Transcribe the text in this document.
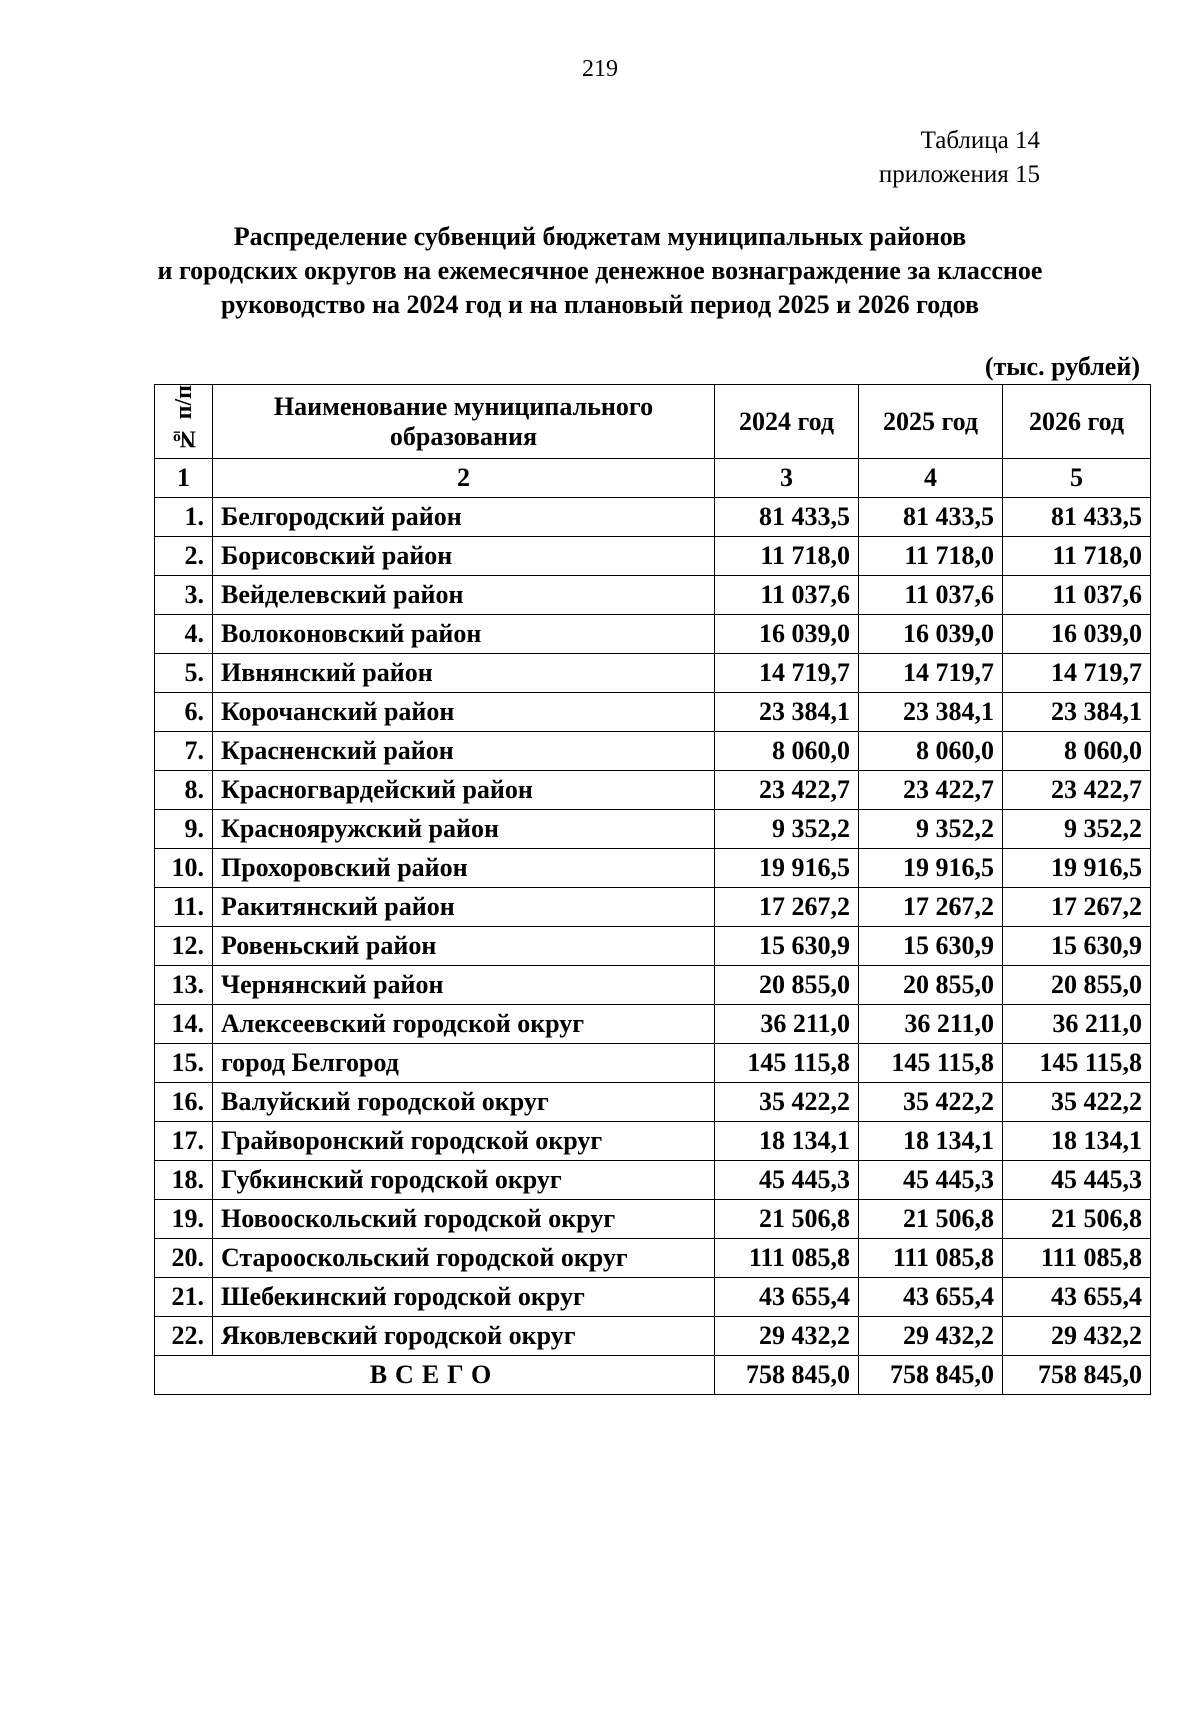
219
Таблица 14
приложения 15
Распределение субвенций бюджетам муниципальных районов
и городских округов на ежемесячное денежное вознаграждение за классное
руководство на 2024 год и на плановый период 2025 и 2026 годов
(тыс. рублей)
№ п/п	Наименование муниципального образования	2024 год	2025 год	2026 год
1	2	3	4	5
1.	Белгородский район	81 433,5	81 433,5	81 433,5
2.	Борисовский район	11 718,0	11 718,0	11 718,0
3.	Вейделевский район	11 037,6	11 037,6	11 037,6
4.	Волоконовский район	16 039,0	16 039,0	16 039,0
5.	Ивнянский район	14 719,7	14 719,7	14 719,7
6.	Корочанский район	23 384,1	23 384,1	23 384,1
7.	Красненский район	8 060,0	8 060,0	8 060,0
8.	Красногвардейский район	23 422,7	23 422,7	23 422,7
9.	Краснояружский район	9 352,2	9 352,2	9 352,2
10.	Прохоровский район	19 916,5	19 916,5	19 916,5
11.	Ракитянский район	17 267,2	17 267,2	17 267,2
12.	Ровеньский район	15 630,9	15 630,9	15 630,9
13.	Чернянский район	20 855,0	20 855,0	20 855,0
14.	Алексеевский городской округ	36 211,0	36 211,0	36 211,0
15.	город Белгород	145 115,8	145 115,8	145 115,8
16.	Валуйский городской округ	35 422,2	35 422,2	35 422,2
17.	Грайворонский городской округ	18 134,1	18 134,1	18 134,1
18.	Губкинский городской округ	45 445,3	45 445,3	45 445,3
19.	Новооскольский городской округ	21 506,8	21 506,8	21 506,8
20.	Старооскольский городской округ	111 085,8	111 085,8	111 085,8
21.	Шебекинский городской округ	43 655,4	43 655,4	43 655,4
22.	Яковлевский городской округ	29 432,2	29 432,2	29 432,2
ВСЕГО		758 845,0	758 845,0	758 845,0
